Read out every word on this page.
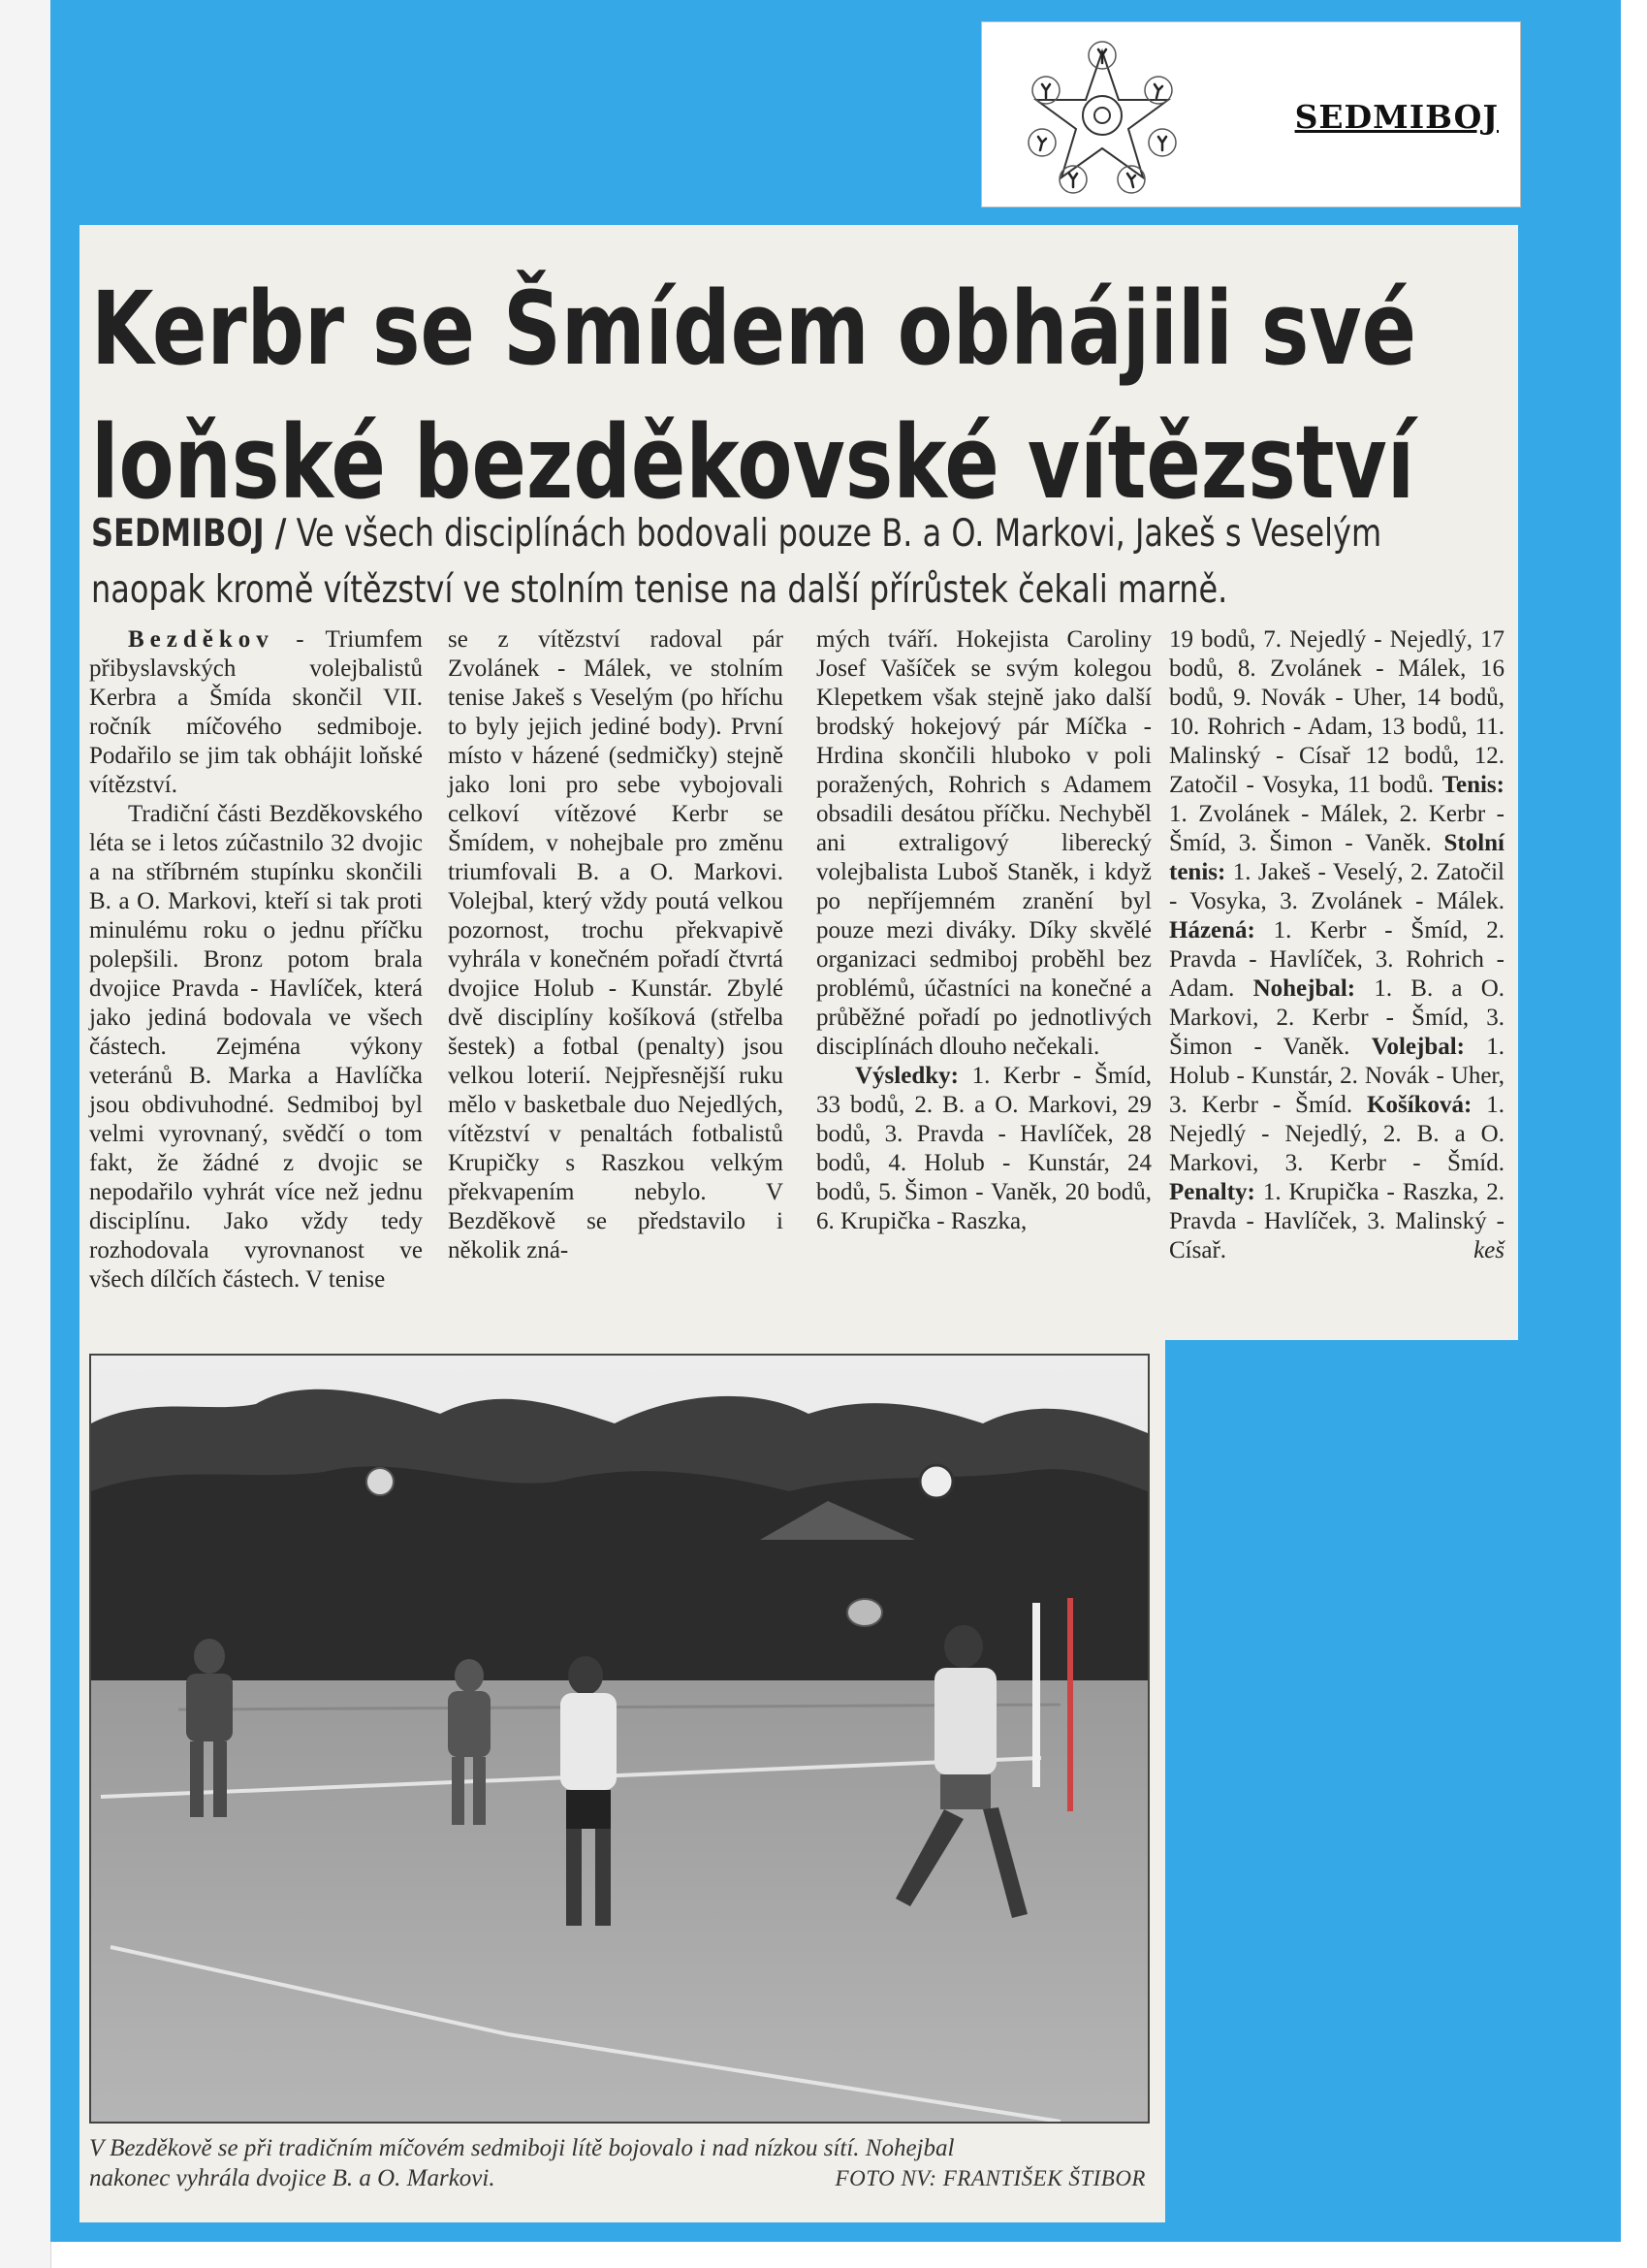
SEDMIBOJ
Kerbr se Šmídem obhájili své
loňské bezděkovské vítězství

SEDMIBOJ / Ve všech disciplínách bodovali pouze B. a O. Markovi, Jakeš s Veselým
naopak kromě vítězství ve stolním tenise na další přírůstek čekali marně.

Bezděkov - Triumfem přibyslavských volejbalistů Kerbra a Šmída skončil VII. ročník míčového sedmiboje. Podařilo se jim tak obhájit loňské vítězství.

Tradiční části Bezděkovského léta se i letos zúčastnilo 32 dvojic a na stříbrném stupínku skončili B. a O. Markovi, kteří si tak proti minulému roku o jednu příčku polepšili. Bronz potom brala dvojice Pravda - Havlíček, která jako jediná bodovala ve všech částech. Zejména výkony veteránů B. Marka a Havlíčka jsou obdivuhodné. Sedmiboj byl velmi vyrovnaný, svědčí o tom fakt, že žádné z dvojic se nepodařilo vyhrát více než jednu disciplínu. Jako vždy tedy rozhodovala vyrovnanost ve všech dílčích částech. V tenise

se z vítězství radoval pár Zvolánek - Málek, ve stolním tenise Jakeš s Veselým (po hříchu to byly jejich jediné body). První místo v házené (sedmičky) stejně jako loni pro sebe vybojovali celkoví vítězové Kerbr se Šmídem, v nohejbale pro změnu triumfovali B. a O. Markovi. Volejbal, který vždy poutá velkou pozornost, trochu překvapivě vyhrála v konečném pořadí čtvrtá dvojice Holub - Kunstár. Zbylé dvě disciplíny košíková (střelba šestek) a fotbal (penalty) jsou velkou loterií. Nejpřesnější ruku mělo v basketbale duo Nejedlých, vítězství v penaltách fotbalistů Krupičky s Raszkou velkým překvapením nebylo. V Bezděkově se představilo i několik zná-

mých tváří. Hokejista Caroliny Josef Vašíček se svým kolegou Klepetkem však stejně jako další brodský hokejový pár Míčka - Hrdina skončili hluboko v poli poražených, Rohrich s Adamem obsadili desátou příčku. Nechyběl ani extraligový liberecký volejbalista Luboš Staněk, i když po nepříjemném zranění byl pouze mezi diváky. Díky skvělé organizaci sedmiboj proběhl bez problémů, účastníci na konečné a průběžné pořadí po jednotlivých disciplínách dlouho nečekali.

Výsledky: 1. Kerbr - Šmíd, 33 bodů, 2. B. a O. Markovi, 29 bodů, 3. Pravda - Havlíček, 28 bodů, 4. Holub - Kunstár, 24 bodů, 5. Šimon - Vaněk, 20 bodů, 6. Krupička - Raszka,

19 bodů, 7. Nejedlý - Nejedlý, 17 bodů, 8. Zvolánek - Málek, 16 bodů, 9. Novák - Uher, 14 bodů, 10. Rohrich - Adam, 13 bodů, 11. Malinský - Císař 12 bodů, 12. Zatočil - Vosyka, 11 bodů. Tenis: 1. Zvolánek - Málek, 2. Kerbr - Šmíd, 3. Šimon - Vaněk. Stolní tenis: 1. Jakeš - Veselý, 2. Zatočil - Vosyka, 3. Zvolánek - Málek. Házená: 1. Kerbr - Šmíd, 2. Pravda - Havlíček, 3. Rohrich - Adam. Nohejbal: 1. B. a O. Markovi, 2. Kerbr - Šmíd, 3. Šimon - Vaněk. Volejbal: 1. Holub - Kunstár, 2. Novák - Uher, 3. Kerbr - Šmíd. Košíková: 1. Nejedlý - Nejedlý, 2. B. a O. Markovi, 3. Kerbr - Šmíd. Penalty: 1. Krupička - Raszka, 2. Pravda - Havlíček, 3. Malinský - Císař.	keš

V Bezděkově se při tradičním míčovém sedmiboji lítě bojovalo i nad nízkou sítí. Nohejbal
nakonec vyhrála dvojice B. a O. Markovi.	FOTO NV: FRANTIŠEK ŠTIBOR
